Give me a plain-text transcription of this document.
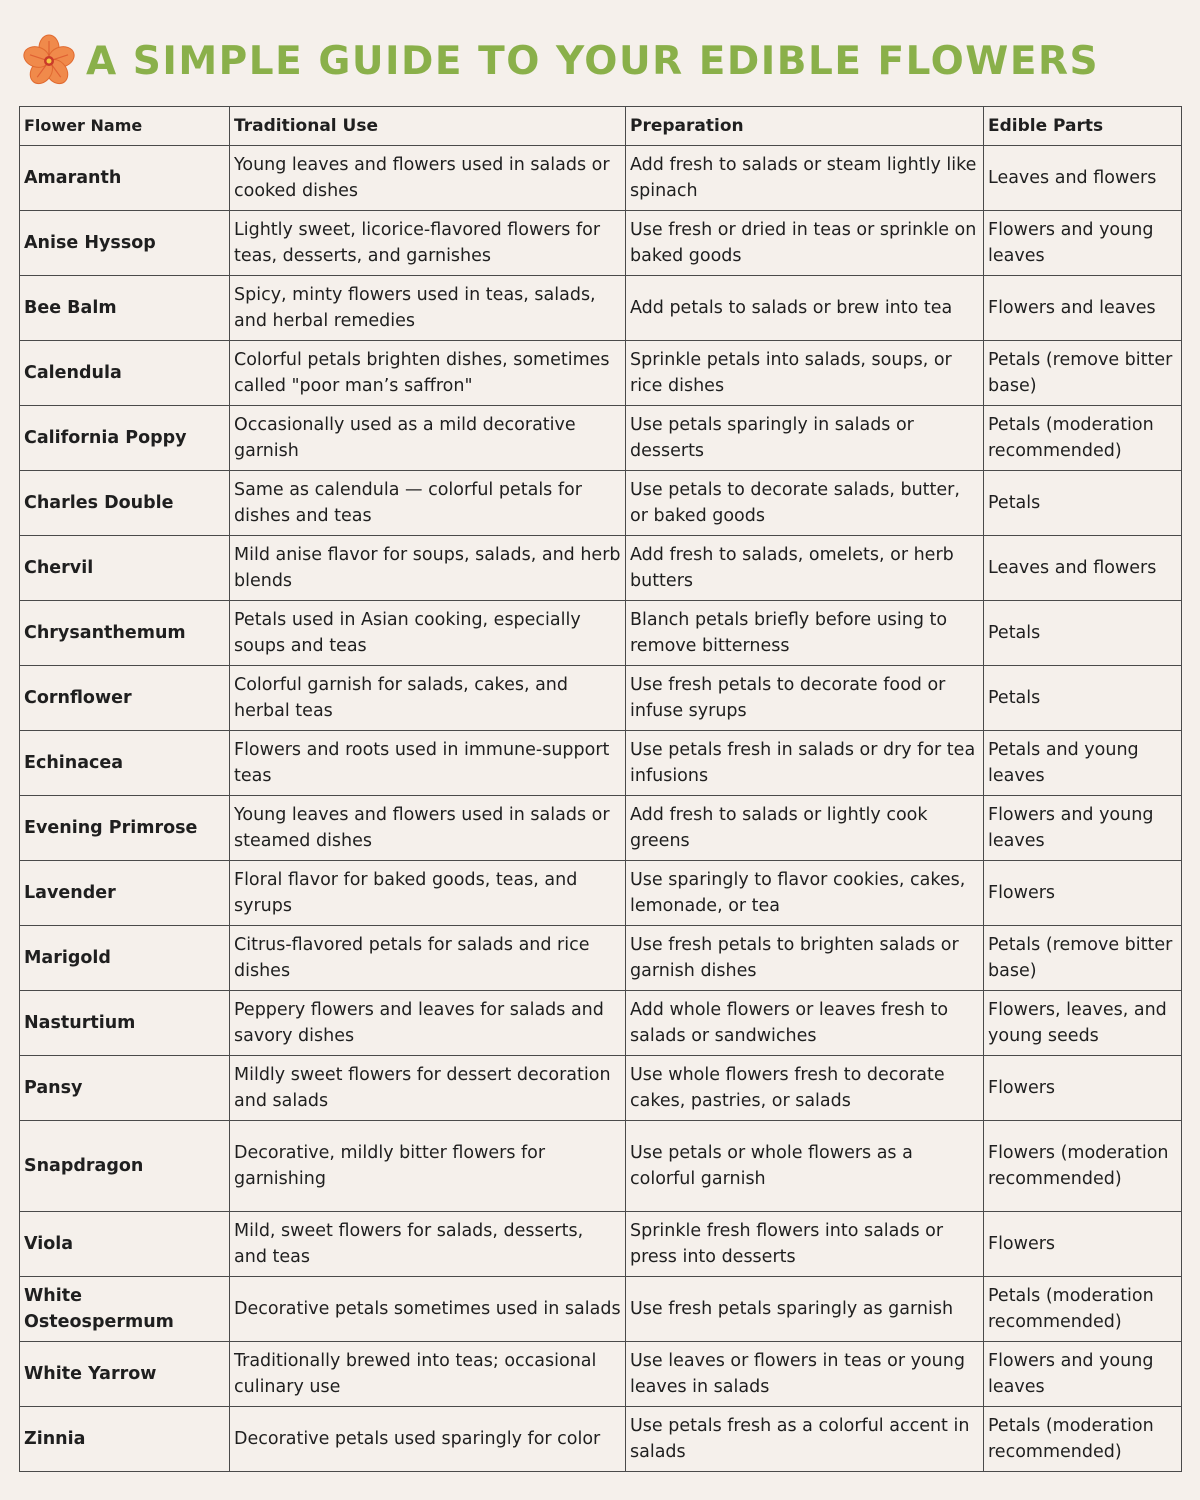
A SIMPLE GUIDE TO YOUR EDIBLE FLOWERS
Flower Name	Traditional Use	Preparation	Edible Parts
Amaranth	Young leaves and flowers used in salads or cooked dishes	Add fresh to salads or steam lightly like spinach	Leaves and flowers
Anise Hyssop	Lightly sweet, licorice-flavored flowers for teas, desserts, and garnishes	Use fresh or dried in teas or sprinkle on baked goods	Flowers and young leaves
Bee Balm	Spicy, minty flowers used in teas, salads, and herbal remedies	Add petals to salads or brew into tea	Flowers and leaves
Calendula	Colorful petals brighten dishes, sometimes called "poor man’s saffron"	Sprinkle petals into salads, soups, or rice dishes	Petals (remove bitter base)
California Poppy	Occasionally used as a mild decorative garnish	Use petals sparingly in salads or desserts	Petals (moderation recommended)
Charles Double	Same as calendula — colorful petals for dishes and teas	Use petals to decorate salads, butter, or baked goods	Petals
Chervil	Mild anise flavor for soups, salads, and herb blends	Add fresh to salads, omelets, or herb butters	Leaves and flowers
Chrysanthemum	Petals used in Asian cooking, especially soups and teas	Blanch petals briefly before using to remove bitterness	Petals
Cornflower	Colorful garnish for salads, cakes, and herbal teas	Use fresh petals to decorate food or infuse syrups	Petals
Echinacea	Flowers and roots used in immune-support teas	Use petals fresh in salads or dry for tea infusions	Petals and young leaves
Evening Primrose	Young leaves and flowers used in salads or steamed dishes	Add fresh to salads or lightly cook greens	Flowers and young leaves
Lavender	Floral flavor for baked goods, teas, and syrups	Use sparingly to flavor cookies, cakes, lemonade, or tea	Flowers
Marigold	Citrus-flavored petals for salads and rice dishes	Use fresh petals to brighten salads or garnish dishes	Petals (remove bitter base)
Nasturtium	Peppery flowers and leaves for salads and savory dishes	Add whole flowers or leaves fresh to salads or sandwiches	Flowers, leaves, and young seeds
Pansy	Mildly sweet flowers for dessert decoration and salads	Use whole flowers fresh to decorate cakes, pastries, or salads	Flowers
Snapdragon	Decorative, mildly bitter flowers for garnishing	Use petals or whole flowers as a colorful garnish	Flowers (moderation recommended)
Viola	Mild, sweet flowers for salads, desserts, and teas	Sprinkle fresh flowers into salads or press into desserts	Flowers
White Osteospermum	Decorative petals sometimes used in salads	Use fresh petals sparingly as garnish	Petals (moderation recommended)
White Yarrow	Traditionally brewed into teas; occasional culinary use	Use leaves or flowers in teas or young leaves in salads	Flowers and young leaves
Zinnia	Decorative petals used sparingly for color	Use petals fresh as a colorful accent in salads	Petals (moderation recommended)
